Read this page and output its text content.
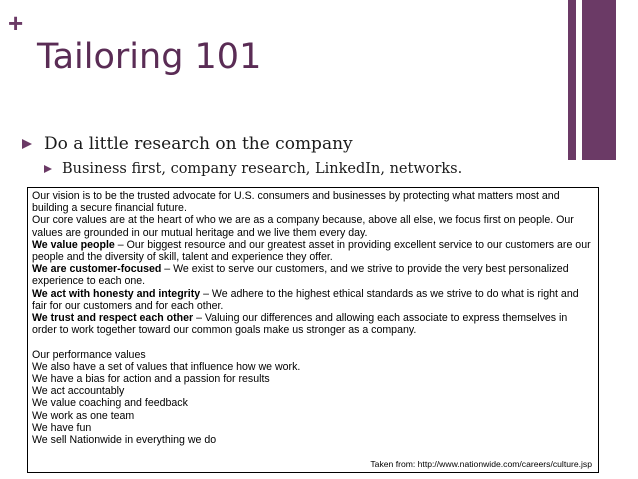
+
Tailoring 101
Do a little research on the company
Business first, company research, LinkedIn, networks.

Our vision is to be the trusted advocate for U.S. consumers and businesses by protecting what matters most and building a secure financial future.

Our core values are at the heart of who we are as a company because, above all else, we focus first on people. Our values are grounded in our mutual heritage and we live them every day.

We value people – Our biggest resource and our greatest asset in providing excellent service to our customers are our people and the diversity of skill, talent and experience they offer.

We are customer-focused – We exist to serve our customers, and we strive to provide the very best personalized experience to each one.

We act with honesty and integrity – We adhere to the highest ethical standards as we strive to do what is right and fair for our customers and for each other.

We trust and respect each other – Valuing our differences and allowing each associate to express themselves in order to work together toward our common goals make us stronger as a company.

Our performance values

We also have a set of values that influence how we work.

We have a bias for action and a passion for results

We act accountably

We value coaching and feedback

We work as one team

We have fun

We sell Nationwide in everything we do

Taken from: http://www.nationwide.com/careers/culture.jsp
